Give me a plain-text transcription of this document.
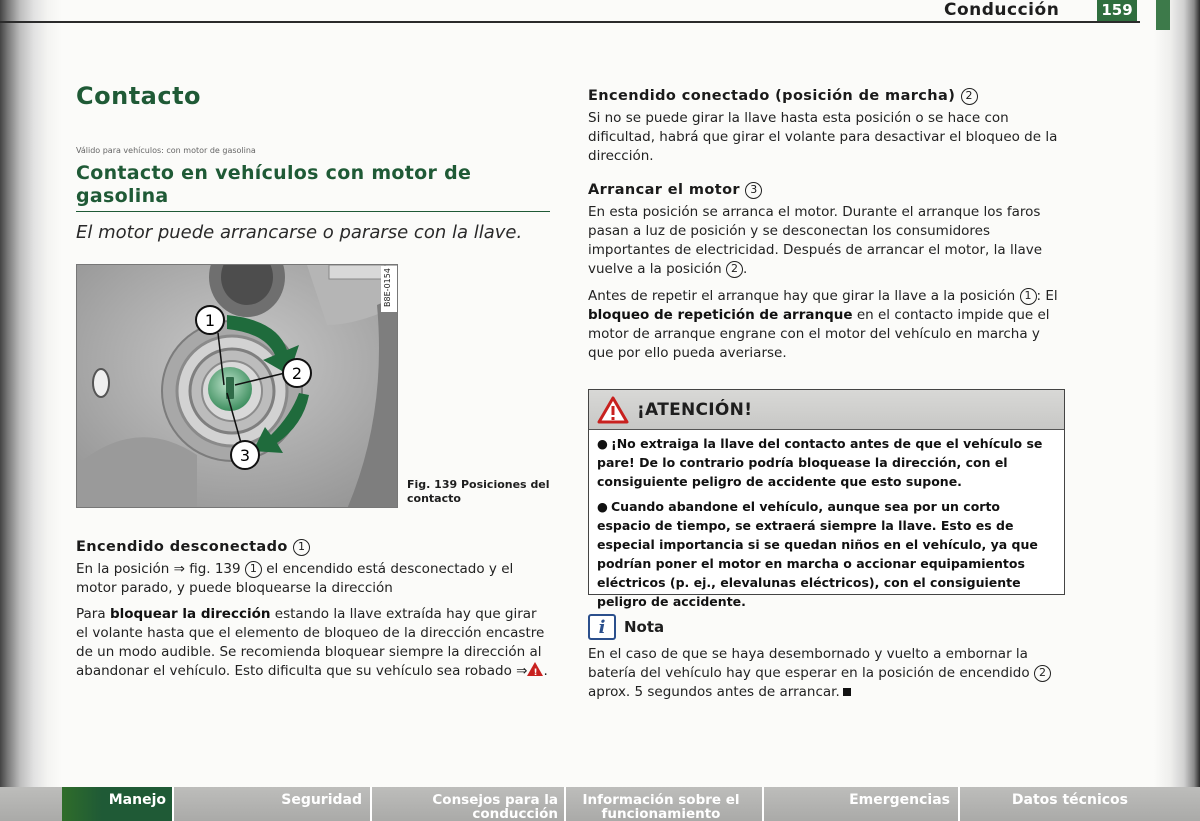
Conducción	159
Contacto
Válido para vehículos: con motor de gasolina
Contacto en vehículos con motor de gasolina
El motor puede arrancarse o pararse con la llave.
1
2
3
B8E-0154
Fig. 139 Posiciones del contacto
Encendido desconectado 1

En la posición ⇒ fig. 139 1 el encendido está desconectado y el motor parado, y puede bloquearse la dirección

Para bloquear la dirección estando la llave extraída hay que girar el volante hasta que el elemento de bloqueo de la dirección encastre de un modo audible. Se recomienda bloquear siempre la dirección al abandonar el vehículo. Esto dificulta que su vehículo sea robado ⇒! .

Encendido conectado (posición de marcha) 2

Si no se puede girar la llave hasta esta posición o se hace con dificultad, habrá que girar el volante para desactivar el bloqueo de la dirección.

Arrancar el motor 3

En esta posición se arranca el motor. Durante el arranque los faros pasan a luz de posición y se desconectan los consumidores importantes de electricidad. Después de arrancar el motor, la llave vuelve a la posición 2 .

Antes de repetir el arranque hay que girar la llave a la posición 1 : El bloqueo de repetición de arranque en el contacto impide que el motor de arranque engrane con el motor del vehículo en marcha y que por ello pueda averiarse.

¡ATENCIÓN!
● ¡No extraiga la llave del contacto antes de que el vehículo se pare! De lo contrario podría bloquease la dirección, con el consiguiente peligro de accidente que esto supone.
● Cuando abandone el vehículo, aunque sea por un corto espacio de tiempo, se extraerá siempre la llave. Esto es de especial importancia si se quedan niños en el vehículo, ya que podrían poner el motor en marcha o accionar equipamientos eléctricos (p. ej., elevalunas eléctricos), con el consiguiente peligro de accidente.
i	Nota

En el caso de que se haya desembornado y vuelto a embornar la batería del vehículo hay que esperar en la posición de encendido 2 aprox. 5 segundos antes de arrancar.

Manejo	Seguridad	Consejos para la conducción
Información sobre el funcionamiento
Emergencias	Datos técnicos
